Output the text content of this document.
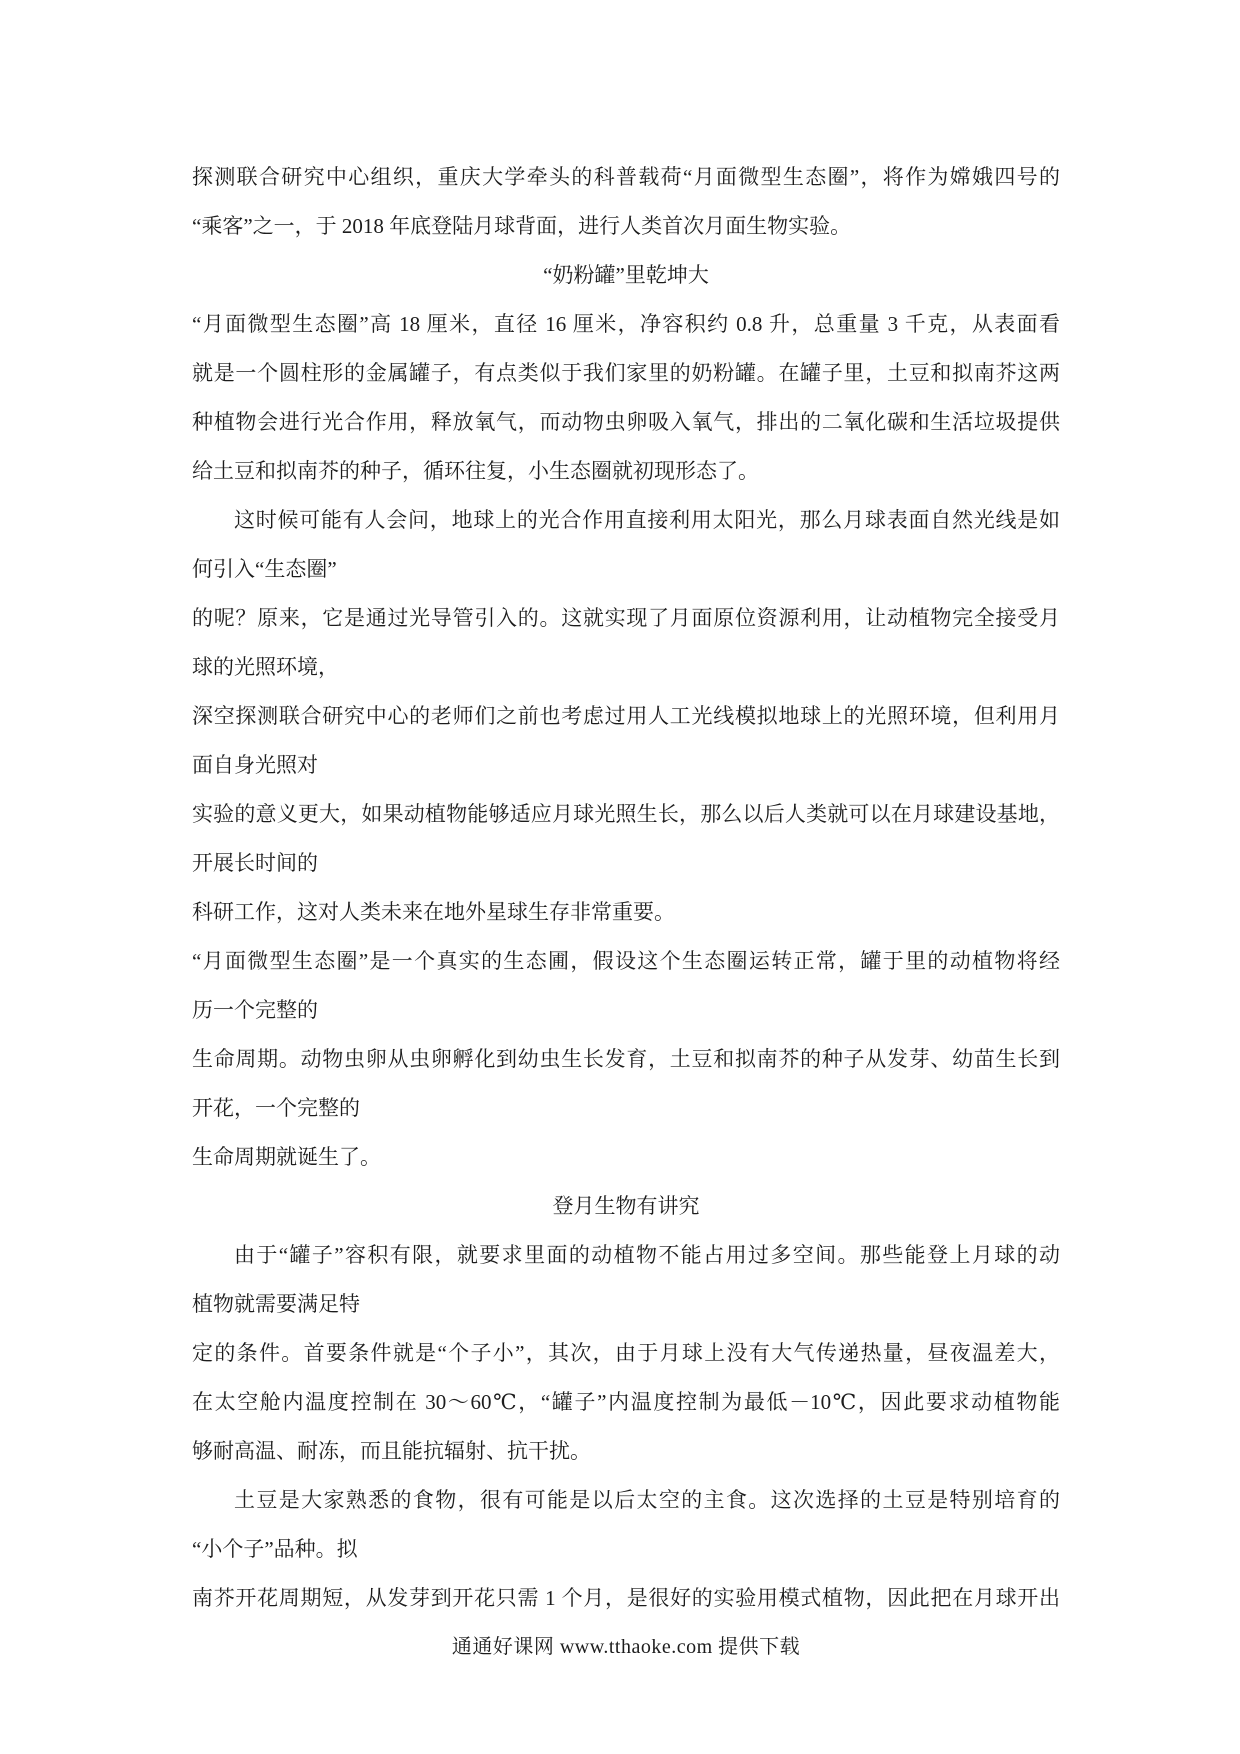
探测联合研究中心组织，重庆大学牵头的科普载荷“月面微型生态圈”，将作为嫦娥四号的
“乘客”之一，于 2018 年底登陆月球背面，进行人类首次月面生物实验。
“奶粉罐”里乾坤大
“月面微型生态圈”高 18 厘米，直径 16 厘米，净容积约 0.8 升，总重量 3 千克，从表面看
就是一个圆柱形的金属罐子，有点类似于我们家里的奶粉罐。在罐子里，土豆和拟南芥这两
种植物会进行光合作用，释放氧气，而动物虫卵吸入氧气，排出的二氧化碳和生活垃圾提供
给土豆和拟南芥的种子，循环往复，小生态圈就初现形态了。
这时候可能有人会问，地球上的光合作用直接利用太阳光，那么月球表面自然光线是如
何引入“生态圈”
的呢？原来，它是通过光导管引入的。这就实现了月面原位资源利用，让动植物完全接受月
球的光照环境，
深空探测联合研究中心的老师们之前也考虑过用人工光线模拟地球上的光照环境，但利用月
面自身光照对
实验的意义更大，如果动植物能够适应月球光照生长，那么以后人类就可以在月球建设基地，
开展长时间的
科研工作，这对人类未来在地外星球生存非常重要。
“月面微型生态圈”是一个真实的生态圃，假设这个生态圈运转正常，罐于里的动植物将经
历一个完整的
生命周期。动物虫卵从虫卵孵化到幼虫生长发育，土豆和拟南芥的种子从发芽、幼苗生长到
开花，一个完整的
生命周期就诞生了。
登月生物有讲究
由于“罐子”容积有限，就要求里面的动植物不能占用过多空间。那些能登上月球的动
植物就需要满足特
定的条件。首要条件就是“个子小”，其次，由于月球上没有大气传递热量，昼夜温差大，
在太空舱内温度控制在 30～60℃，“罐子”内温度控制为最低－10℃，因此要求动植物能
够耐高温、耐冻，而且能抗辐射、抗干扰。
土豆是大家熟悉的食物，很有可能是以后太空的主食。这次选择的土豆是特别培育的
“小个子”品种。拟
南芥开花周期短，从发芽到开花只需 1 个月，是很好的实验用模式植物，因此把在月球开出
通通好课网 www.tthaoke.com 提供下载
